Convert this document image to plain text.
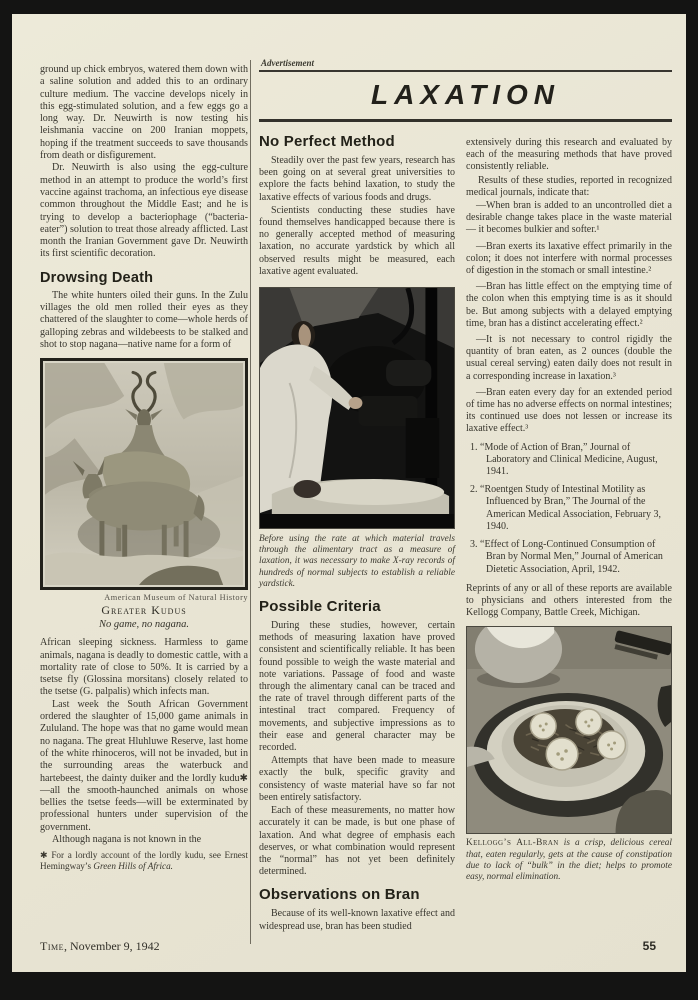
ground up chick embryos, watered them down with a saline solution and added this to an ordinary culture medium. The vaccine develops nicely in this egg-stimulated solution, and a few eggs go a long way. Dr. Neuwirth is now testing his leishmania vaccine on 200 Iranian moppets, hoping if the treatment succeeds to save thousands from death or disfigurement.

Dr. Neuwirth is also using the egg-culture method in an attempt to produce the world’s first vaccine against trachoma, an infectious eye disease common throughout the Middle East; and he is trying to develop a bacteriophage (“bacteria-eater”) solution to treat those already afflicted. Last month the Iranian Government gave Dr. Neuwirth its first scientific decoration.

Drowsing Death

The white hunters oiled their guns. In the Zulu villages the old men rolled their eyes as they chattered of the slaughter to come—whole herds of galloping zebras and wildebeests to be stalked and shot to stop nagana—native name for a form of

American Museum of Natural History
Greater Kudus
No game, no nagana.

African sleeping sickness. Harmless to game animals, nagana is deadly to domestic cattle, with a mortality rate of close to 50%. It is carried by a tsetse fly (Glossina morsitans) closely related to the tsetse (G. palpalis) which infects man.

Last week the South African Government ordered the slaughter of 15,000 game animals in Zululand. The hope was that no game would mean no nagana. The great Hluhluwe Reserve, last home of the white rhinoceros, will not be invaded, but in the surrounding areas the waterbuck and hartebeest, the dainty duiker and the lordly kudu✱—all the smooth-haunched animals on whose bellies the tsetse feeds—will be exterminated by professional hunters under supervision of the government.

Although nagana is not known in the

✱ For a lordly account of the lordly kudu, see Ernest Hemingway’s Green Hills of Africa.
Advertisement
LAXATION
No Perfect Method

Steadily over the past few years, research has been going on at several great universities to explore the facts behind laxation, to study the laxative effects of various foods and drugs.

Scientists conducting these studies have found themselves handicapped because there is no generally accepted method of measuring laxation, no accurate yardstick by which all observed results might be measured, each laxative agent evaluated.

Before using the rate at which material travels through the alimentary tract as a measure of laxation, it was necessary to make X-ray records of hundreds of normal subjects to establish a reliable yardstick.
Possible Criteria

During these studies, however, certain methods of measuring laxation have proved consistent and scientifically reliable. It has been found possible to weigh the waste material and note variations. Passage of food and waste through the alimentary canal can be traced and the rate of travel through different parts of the intestinal tract compared. Frequency of movements, and subjective impressions as to their ease and general character may be recorded.

Attempts that have been made to measure exactly the bulk, specific gravity and consistency of waste material have so far not been entirely satisfactory.

Each of these measurements, no matter how accurately it can be made, is but one phase of laxation. And what degree of emphasis each deserves, or what combination would represent the “normal” has not yet been definitely determined.

Observations on Bran

Because of its well-known laxative effect and widespread use, bran has been studied

extensively during this research and evaluated by each of the measuring methods that have proved consistently reliable.

Results of these studies, reported in recognized medical journals, indicate that:

—When bran is added to an uncontrolled diet a desirable change takes place in the waste material — it becomes bulkier and softer.¹

—Bran exerts its laxative effect primarily in the colon; it does not interfere with normal processes of digestion in the stomach or small intestine.²

—Bran has little effect on the emptying time of the colon when this emptying time is as it should be. But among subjects with a delayed emptying time, bran has a distinct accelerating effect.²

—It is not necessary to control rigidly the quantity of bran eaten, as 2 ounces (double the usual cereal serving) eaten daily does not result in a corresponding increase in laxation.³

—Bran eaten every day for an extended period of time has no adverse effects on normal intestines; its continued use does not lessen or increase its laxative effect.³

1. “Mode of Action of Bran,” Journal of Laboratory and Clinical Medicine, August, 1941.

2. “Roentgen Study of Intestinal Motility as Influenced by Bran,” The Journal of the American Medical Association, February 3, 1940.

3. “Effect of Long-Continued Consumption of Bran by Normal Men,” Journal of American Dietetic Association, April, 1942.

Reprints of any or all of these reports are available to physicians and others interested from the Kellogg Company, Battle Creek, Michigan.

Kellogg’s All-Bran is a crisp, delicious cereal that, eaten regularly, gets at the cause of constipation due to lack of “bulk” in the diet; helps to promote easy, normal elimination.
Time, November 9, 1942	55
